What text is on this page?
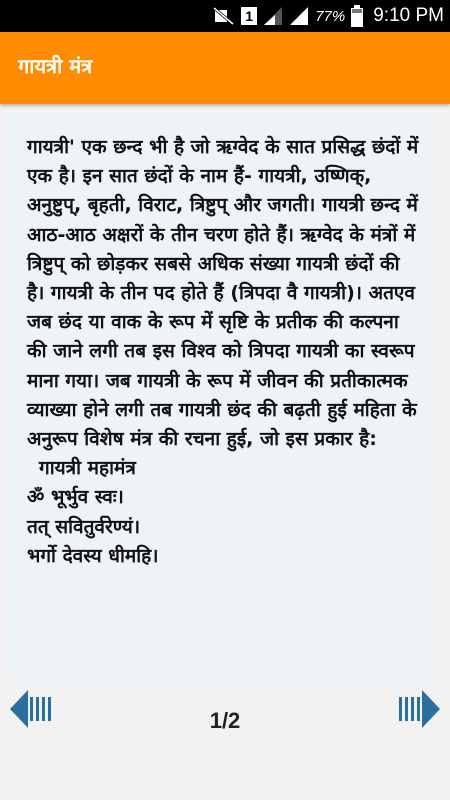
1	77% 9:10 PM
गायत्री मंत्र
गायत्री' एक छन्द भी है जो ऋग्वेद के सात प्रसिद्ध छंदों में एक है। इन सात छंदों के नाम हैं- गायत्री, उष्णिक्, अनुष्टुप्, बृहती, विराट, त्रिष्टुप् और जगती। गायत्री छन्द में आठ-आठ अक्षरों के तीन चरण होते हैं। ऋग्वेद के मंत्रों में त्रिष्टुप् को छोड़कर सबसे अधिक संख्या गायत्री छंदों की है। गायत्री के तीन पद होते हैं (त्रिपदा वै गायत्री)। अतएव जब छंद या वाक के रूप में सृष्टि के प्रतीक की कल्पना की जाने लगी तब इस विश्व को त्रिपदा गायत्री का स्वरूप माना गया। जब गायत्री के रूप में जीवन की प्रतीकात्मक व्याख्या होने लगी तब गायत्री छंद की बढ़ती हुई महिता के अनुरूप विशेष मंत्र की रचना हुई, जो इस प्रकार है:
गायत्री महामंत्र
ॐ भूर्भुव स्वः।
तत् सवितुर्वरेण्यं।
भर्गो देवस्य धीमहि।
1/2
